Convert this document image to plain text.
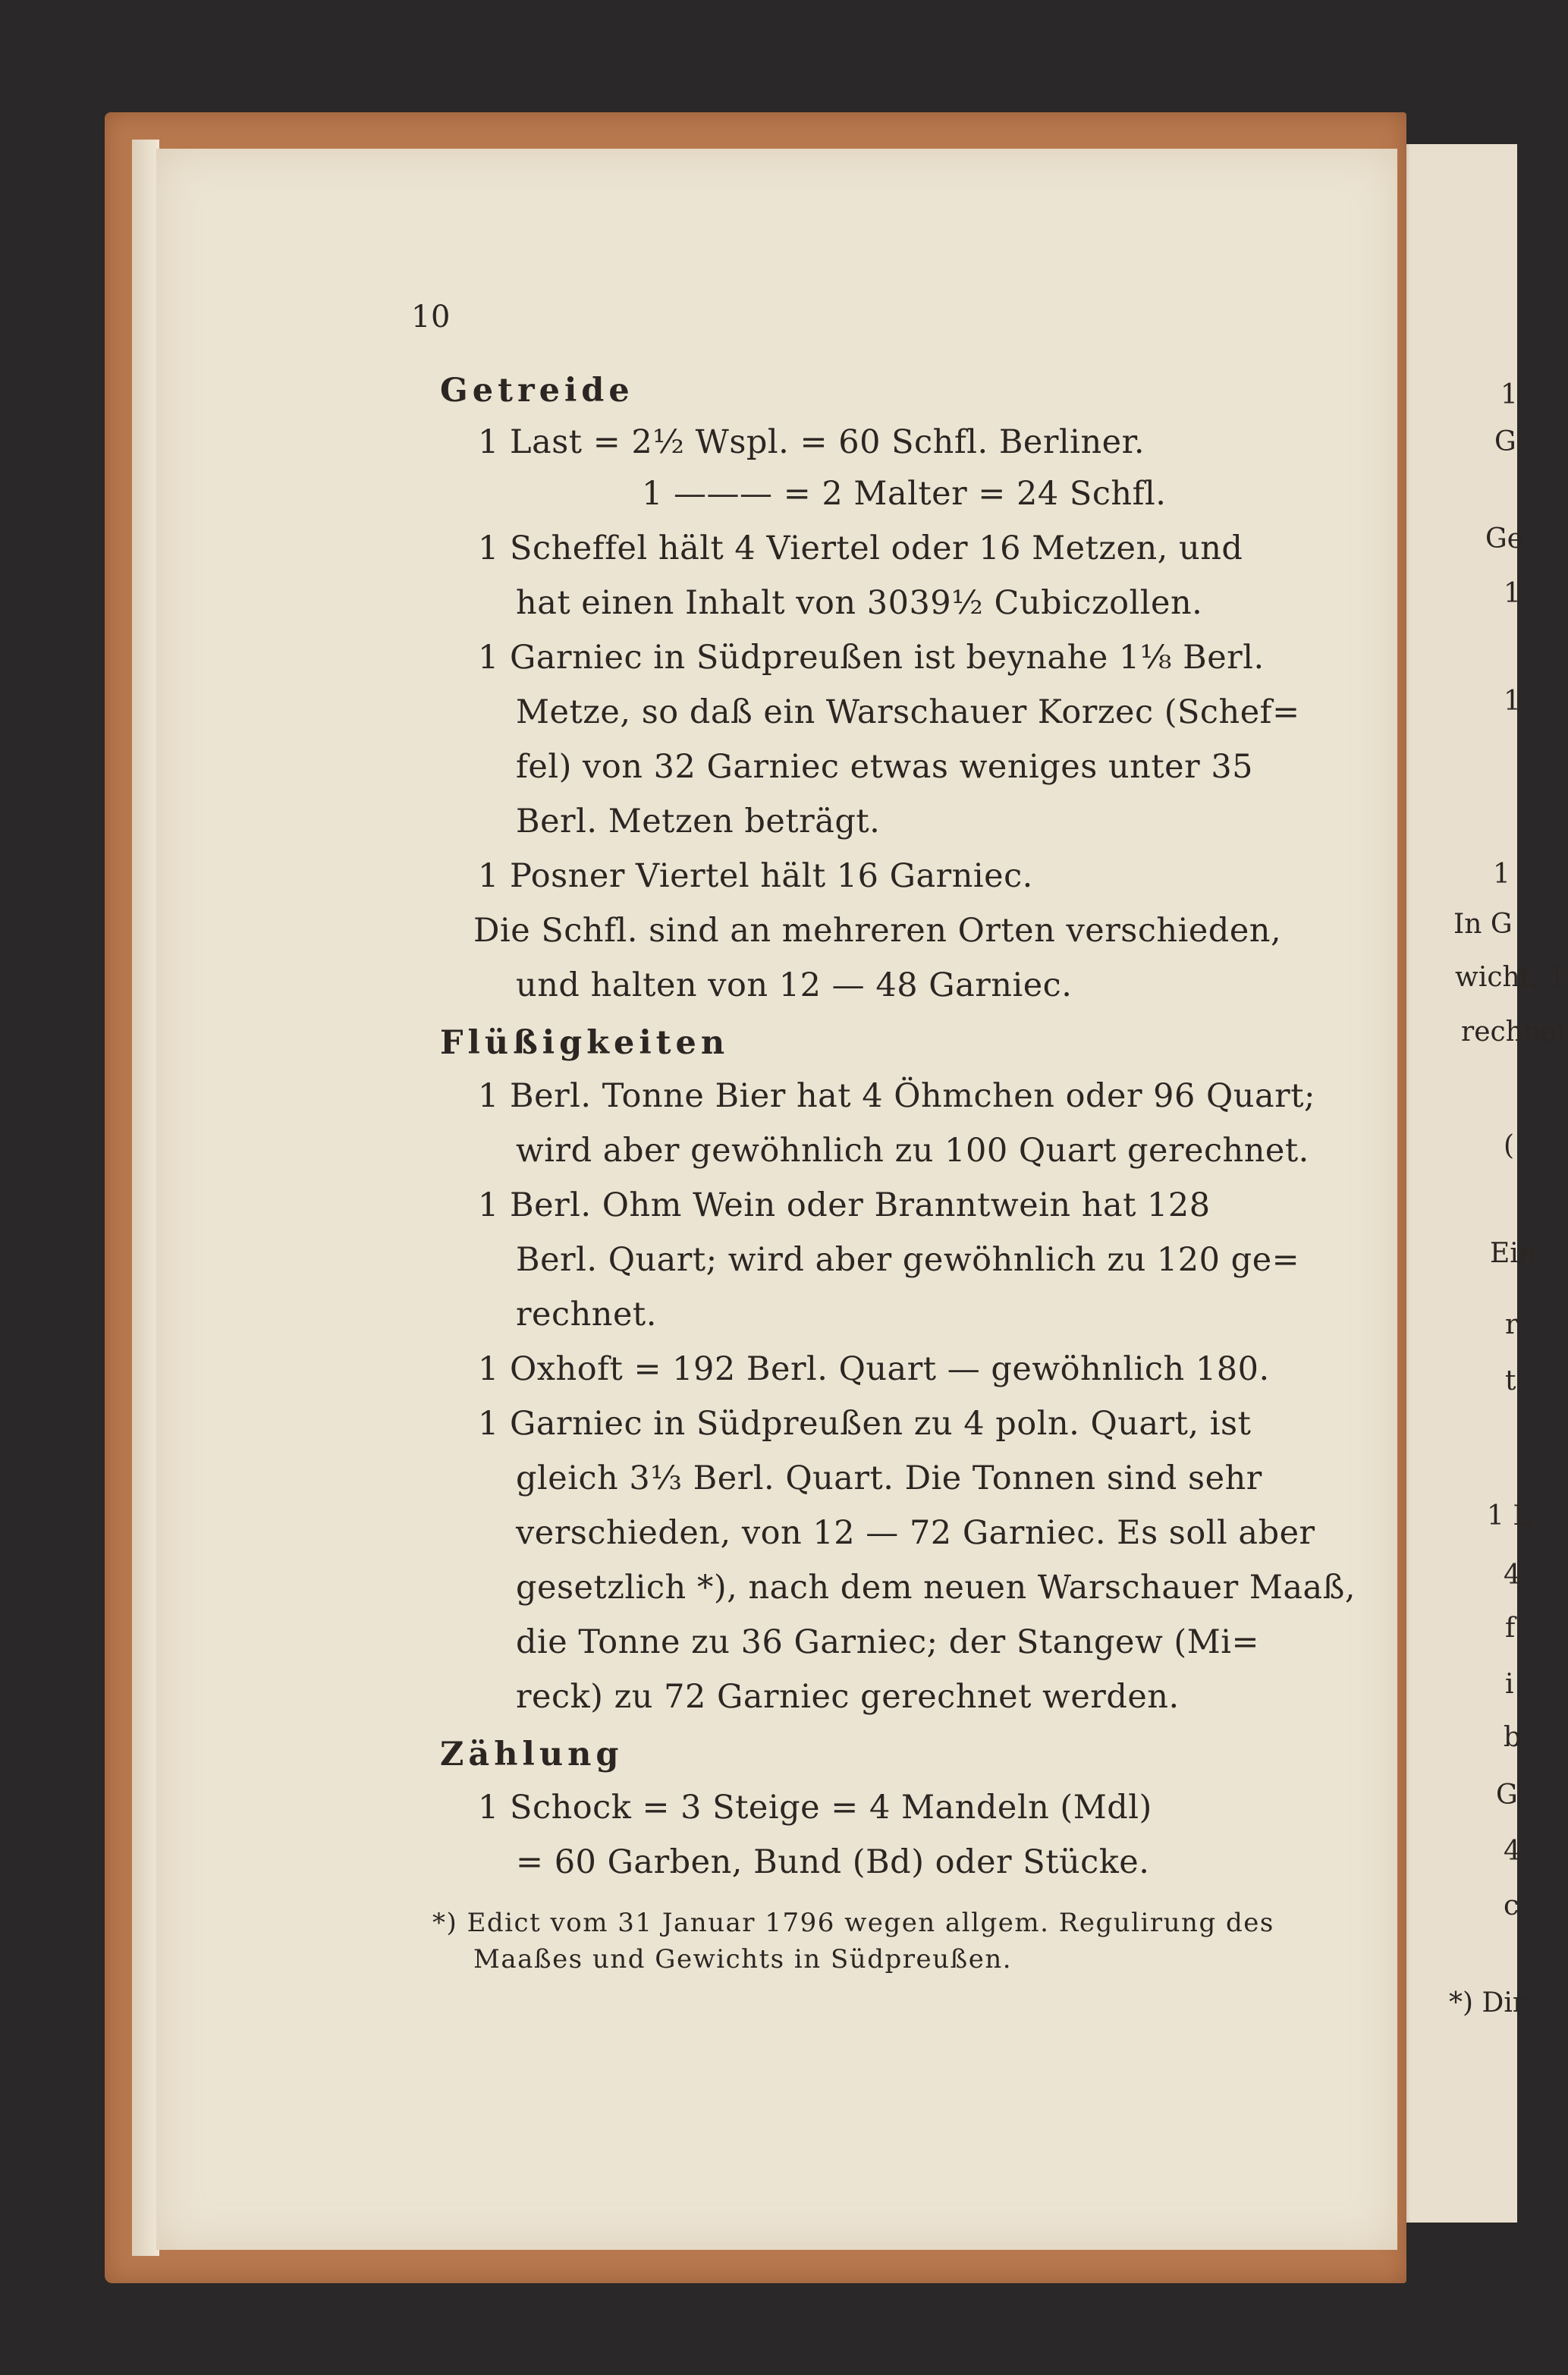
10
Getreide
1 Last = 2½ Wspl. = 60 Schfl. Berliner.
1 ——— = 2 Malter = 24 Schfl.
1 Scheffel hält 4 Viertel oder 16 Metzen, und
hat einen Inhalt von 3039½ Cubiczollen.
1 Garniec in Südpreußen ist beynahe 1⅛ Berl.
Metze, so daß ein Warschauer Korzec (Schef=
fel) von 32 Garniec etwas weniges unter 35
Berl. Metzen beträgt.
1 Posner Viertel hält 16 Garniec.
Die Schfl. sind an mehreren Orten verschieden,
und halten von 12 — 48 Garniec.
Flüßigkeiten
1 Berl. Tonne Bier hat 4 Öhmchen oder 96 Quart;
wird aber gewöhnlich zu 100 Quart gerechnet.
1 Berl. Ohm Wein oder Branntwein hat 128
Berl. Quart; wird aber gewöhnlich zu 120 ge=
rechnet.
1 Oxhoft = 192 Berl. Quart — gewöhnlich 180.
1 Garniec in Südpreußen zu 4 poln. Quart, ist
gleich 3⅓ Berl. Quart. Die Tonnen sind sehr
verschieden, von 12 — 72 Garniec. Es soll aber
gesetzlich *), nach dem neuen Warschauer Maaß,
die Tonne zu 36 Garniec; der Stangew (Mi=
reck) zu 72 Garniec gerechnet werden.
Zählung
1 Schock = 3 Steige = 4 Mandeln (Mdl)
= 60 Garben, Bund (Bd) oder Stücke.
*) Edict vom 31 Januar 1796 wegen allgem. Regulirung des
Maaßes und Gewichts in Südpreußen.
1
G
Ge
1
1
1
In G
wicht, 1
rechnet
(
Ein
r
t
1 L
4
f
i
b
G
4
c
*) Dir
